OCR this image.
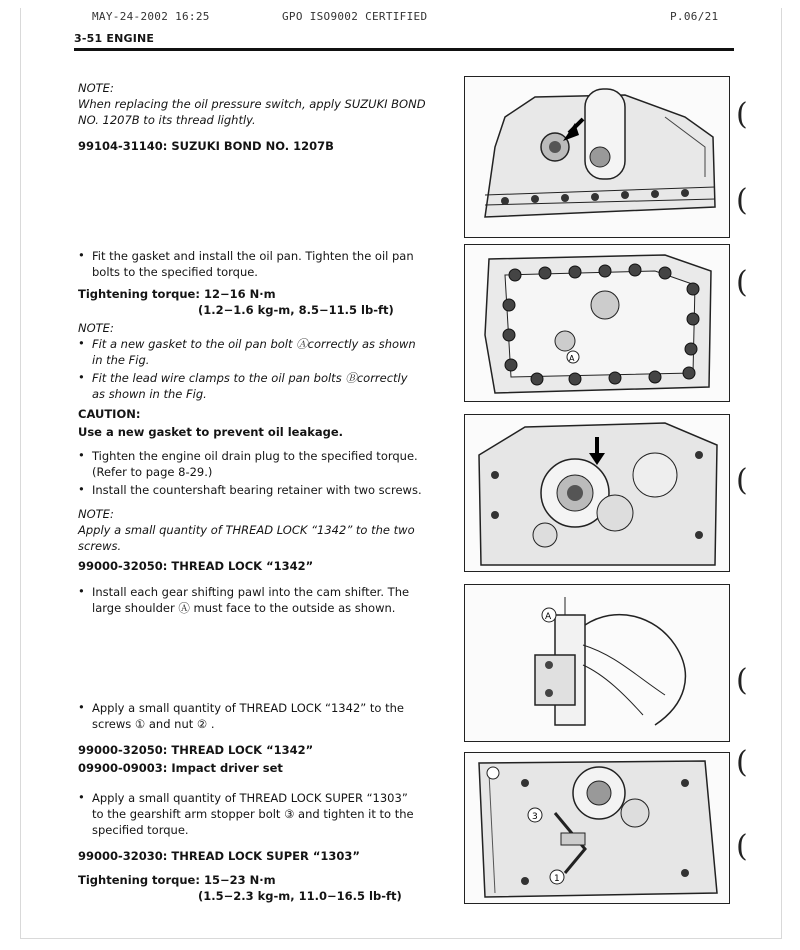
MAY-24-2002 16:25	GPO ISO9002 CERTIFIED	P.06/21
3-51 ENGINE
NOTE:
When replacing the oil pressure switch, apply SUZUKI BOND
NO. 1207B to its thread lightly.
99104-31140: SUZUKI BOND NO. 1207B
• Fit the gasket and install the oil pan. Tighten the oil pan
bolts to the specified torque.
Tightening torque: 12−16 N·m
(1.2−1.6 kg-m, 8.5−11.5 lb-ft)
NOTE:
• Fit a new gasket to the oil pan bolt Ⓐcorrectly as shown
in the Fig.
• Fit the lead wire clamps to the oil pan bolts Ⓑcorrectly
as shown in the Fig.
CAUTION:
Use a new gasket to prevent oil leakage.
• Tighten the engine oil drain plug to the specified torque.
(Refer to page 8-29.)
• Install the countershaft bearing retainer with two screws.
NOTE:
Apply a small quantity of THREAD LOCK “1342” to the two
screws.
99000-32050: THREAD LOCK “1342”
• Install each gear shifting pawl into the cam shifter. The
large shoulder Ⓐ must face to the outside as shown.
• Apply a small quantity of THREAD LOCK “1342” to the
screws ① and nut ② .
99000-32050: THREAD LOCK “1342”
09900-09003: Impact driver set
• Apply a small quantity of THREAD LOCK SUPER “1303”
to the gearshift arm stopper bolt ③ and tighten it to the
specified torque.
99000-32030: THREAD LOCK SUPER “1303”
Tightening torque: 15−23 N·m
(1.5−2.3 kg-m, 11.0−16.5 lb-ft)
A
A
3
1
(
(
(
(
(
(
(
